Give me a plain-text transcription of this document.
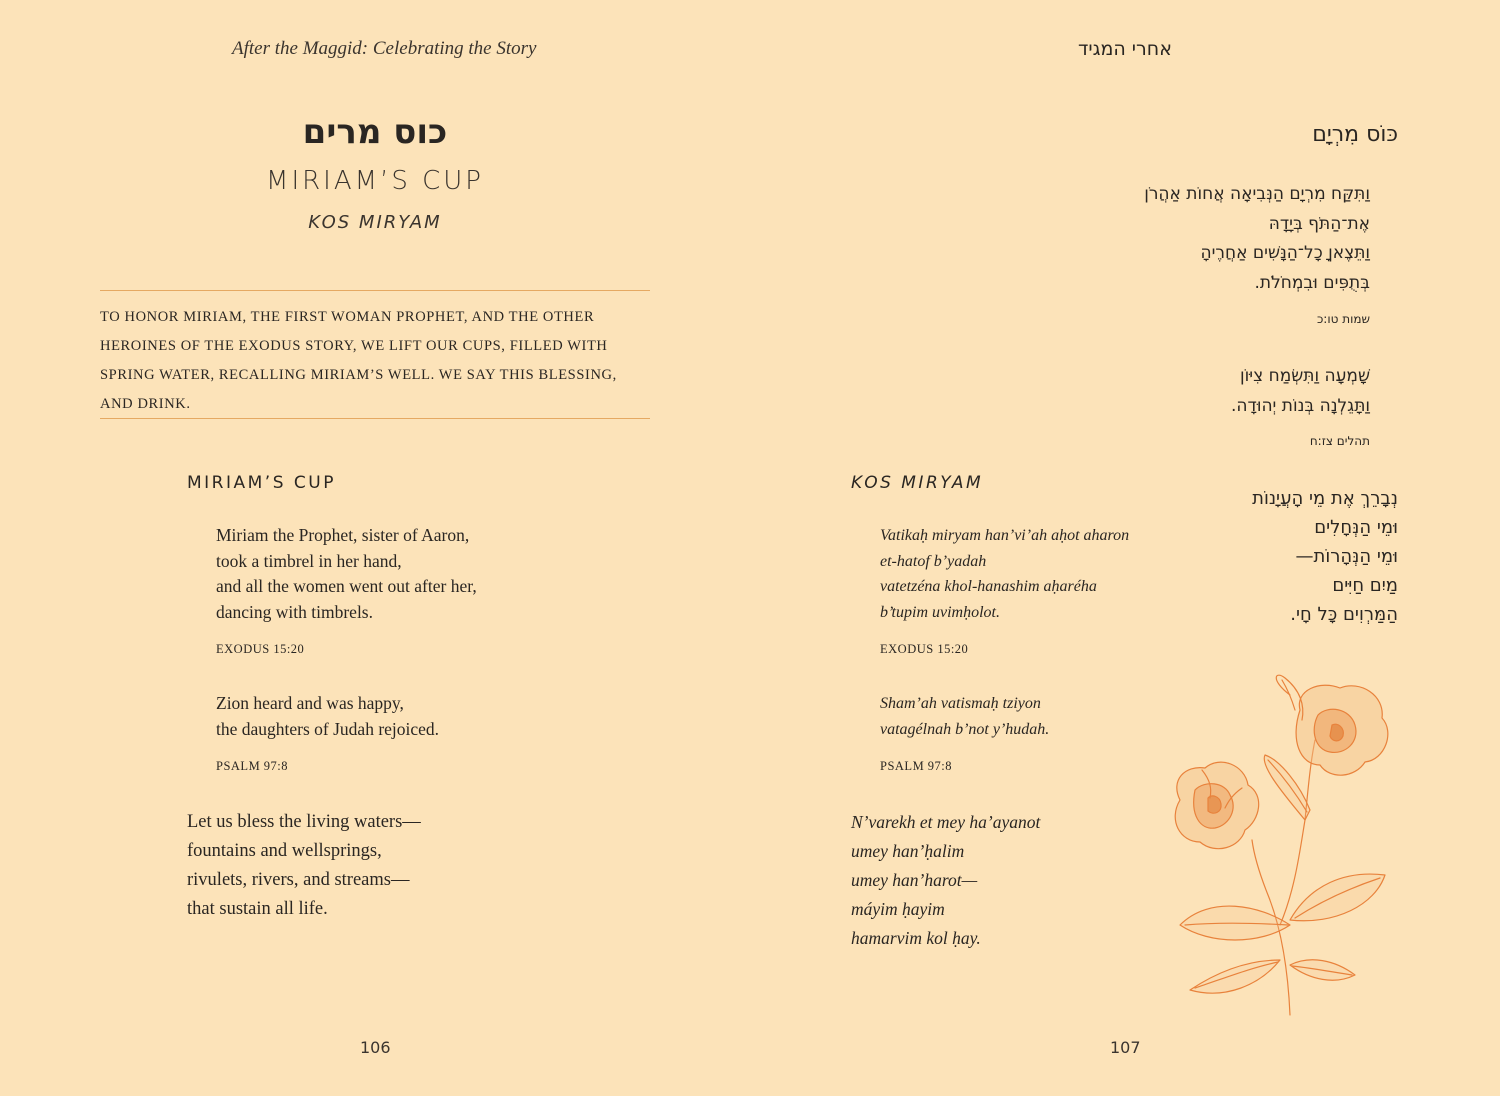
After the Maggid: Celebrating the Story
כוס מרים
MIRIAM’S CUP
KOS MIRYAM
TO HONOR MIRIAM, THE FIRST WOMAN PROPHET, AND THE OTHER HEROINES OF THE EXODUS STORY, WE LIFT OUR CUPS, FILLED WITH SPRING WATER, RECALLING MIRIAM’S WELL. WE SAY THIS BLESSING, AND DRINK.
MIRIAM’S CUP
Miriam the Prophet, sister of Aaron,
took a timbrel in her hand,
and all the women went out after her,
dancing with timbrels.
EXODUS 15:20
Zion heard and was happy,
the daughters of Judah rejoiced.
PSALM 97:8
Let us bless the living waters—
fountains and wellsprings,
rivulets, rivers, and streams—
that sustain all life.
106
אחרי המגיד
כּוֹס מִרְיָם
וַתִּקַּח מִרְיָם הַנְּבִיאָה אֲחוֹת אַהֲרֹן
אֶת־הַתֹּף בְּיָדָהּ
וַתֵּצֶאןָ כָל־הַנָּשִׁים אַחֲרֶיהָ
בְּתֻפִּים וּבִמְחֹלֹת.
שמות טו:כ
שָׁמְעָה וַתִּשְׂמַח צִיּוֹן
וַתָּגֵלְנָה בְּנוֹת יְהוּדָה.
תהלים צז:ח
נְבָרֵךְ אֶת מֵי הָעֲיָנוֹת
וּמֵי הַנְּחָלִים
וּמֵי הַנְּהָרוֹת—
מַיִם חַיִּים
הַמַּרְוִים כָּל חָי.
KOS MIRYAM
Vatikaḥ miryam han’vi’ah aḥot aharon
et-hatof b’yadah
vatetzéna khol-hanashim aḥaréha
b’tupim uvimḥolot.
EXODUS 15:20
Sham’ah vatismaḥ tziyon
vatagélnah b’not y’hudah.
PSALM 97:8
N’varekh et mey ha’ayanot
umey han’ḥalim
umey han’harot—
máyim ḥayim
hamarvim kol ḥay.
107
